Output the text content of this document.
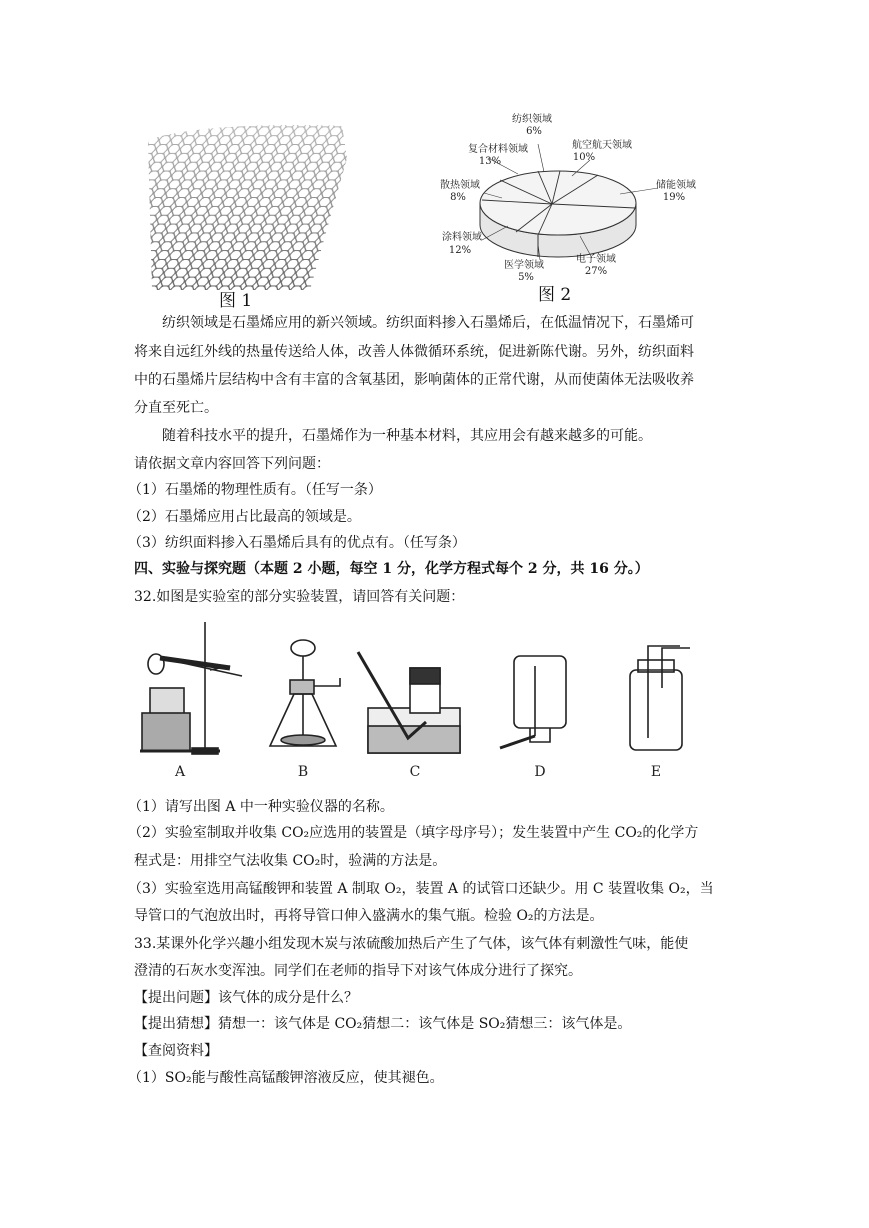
图 1
纺织领域
6%
航空航天领域
10%
复合材料领域
13%
储能领域
19%
散热领域
8%
涂料领域
12%
医学领域
5%
电子领域
27%
图 2
纺织领域是石墨烯应用的新兴领域。纺织面料掺入石墨烯后，在低温情况下，石墨烯可
将来自远红外线的热量传送给人体，改善人体微循环系统，促进新陈代谢。另外，纺织面料
中的石墨烯片层结构中含有丰富的含氧基团，影响菌体的正常代谢，从而使菌体无法吸收养
分直至死亡。
随着科技水平的提升，石墨烯作为一种基本材料，其应用会有越来越多的可能。
请依据文章内容回答下列问题：
（1）石墨烯的物理性质有。（任写一条）
（2）石墨烯应用占比最高的领域是。
（3）纺织面料掺入石墨烯后具有的优点有。（任写条）
四、实验与探究题（本题 2 小题，每空 1 分，化学方程式每个 2 分，共 16 分。）
32.如图是实验室的部分实验装置，请回答有关问题：
A	B	C	D	E
（1）请写出图 A 中一种实验仪器的名称。
（2）实验室制取并收集 CO₂应选用的装置是（填字母序号）；发生装置中产生 CO₂的化学方
程式是：用排空气法收集 CO₂时，验满的方法是。
（3）实验室选用高锰酸钾和装置 A 制取 O₂，装置 A 的试管口还缺少。用 C 装置收集 O₂，当
导管口的气泡放出时，再将导管口伸入盛满水的集气瓶。检验 O₂的方法是。
33.某课外化学兴趣小组发现木炭与浓硫酸加热后产生了气体，该气体有刺激性气味，能使
澄清的石灰水变浑浊。同学们在老师的指导下对该气体成分进行了探究。
【提出问题】该气体的成分是什么？
【提出猜想】猜想一：该气体是 CO₂猜想二：该气体是 SO₂猜想三：该气体是。
【查阅资料】
（1）SO₂能与酸性高锰酸钾溶液反应，使其褪色。
